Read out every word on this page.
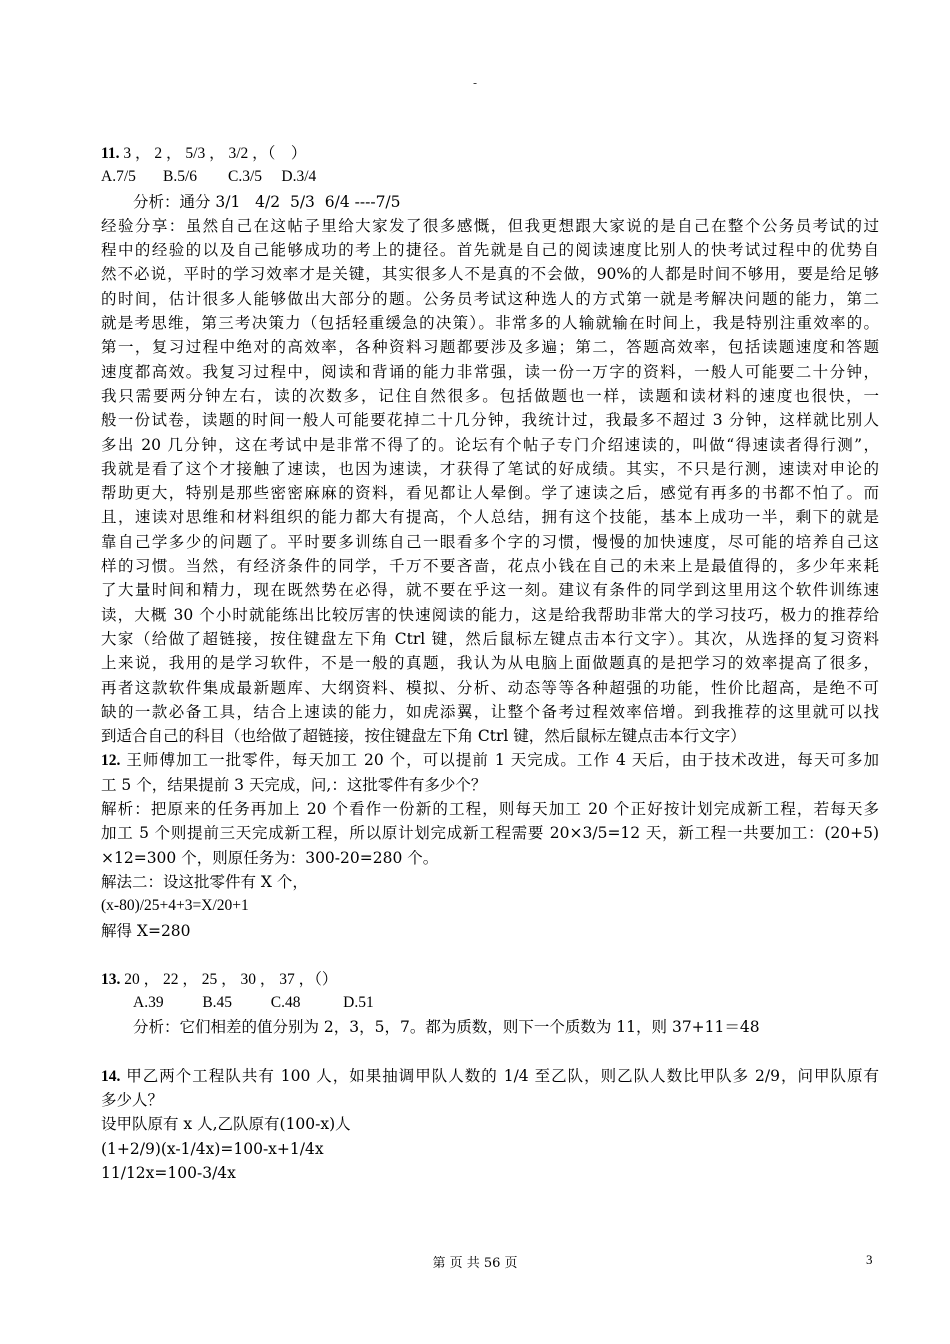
-
11. 3 ， 2 ， 5/3 ， 3/2 ，（    ）
A.7/5       B.5/6        C.3/5     D.3/4
分析：通分 3/1   4/2  5/3  6/4 ----7/5
经验分享：虽然自己在这帖子里给大家发了很多感慨，但我更想跟大家说的是自己在整个公务员考试的过
程中的经验的以及自己能够成功的考上的捷径。首先就是自己的阅读速度比别人的快考试过程中的优势自
然不必说，平时的学习效率才是关键，其实很多人不是真的不会做，90%的人都是时间不够用，要是给足够
的时间，估计很多人能够做出大部分的题。公务员考试这种选人的方式第一就是考解决问题的能力，第二
就是考思维，第三考决策力（包括轻重缓急的决策）。非常多的人输就输在时间上，我是特别注重效率的。
第一，复习过程中绝对的高效率，各种资料习题都要涉及多遍；第二，答题高效率，包括读题速度和答题
速度都高效。我复习过程中，阅读和背诵的能力非常强，读一份一万字的资料，一般人可能要二十分钟，
我只需要两分钟左右，读的次数多，记住自然很多。包括做题也一样，读题和读材料的速度也很快，一
般一份试卷，读题的时间一般人可能要花掉二十几分钟，我统计过，我最多不超过 3 分钟，这样就比别人
多出 20 几分钟，这在考试中是非常不得了的。论坛有个帖子专门介绍速读的，叫做“得速读者得行测”，
我就是看了这个才接触了速读，也因为速读，才获得了笔试的好成绩。其实，不只是行测，速读对申论的
帮助更大，特别是那些密密麻麻的资料，看见都让人晕倒。学了速读之后，感觉有再多的书都不怕了。而
且，速读对思维和材料组织的能力都大有提高，个人总结，拥有这个技能，基本上成功一半，剩下的就是
靠自己学多少的问题了。平时要多训练自己一眼看多个字的习惯，慢慢的加快速度，尽可能的培养自己这
样的习惯。当然，有经济条件的同学，千万不要吝啬，花点小钱在自己的未来上是最值得的，多少年来耗
了大量时间和精力，现在既然势在必得，就不要在乎这一刻。建议有条件的同学到这里用这个软件训练速
读，大概 30 个小时就能练出比较厉害的快速阅读的能力，这是给我帮助非常大的学习技巧，极力的推荐给
大家（给做了超链接，按住键盘左下角 Ctrl 键，然后鼠标左键点击本行文字）。其次，从选择的复习资料
上来说，我用的是学习软件，不是一般的真题，我认为从电脑上面做题真的是把学习的效率提高了很多，
再者这款软件集成最新题库、大纲资料、模拟、分析、动态等等各种超强的功能，性价比超高，是绝不可
缺的一款必备工具，结合上速读的能力，如虎添翼，让整个备考过程效率倍增。到我推荐的这里就可以找
到适合自己的科目（也给做了超链接，按住键盘左下角 Ctrl 键，然后鼠标左键点击本行文字）
12. 王师傅加工一批零件，每天加工 20 个，可以提前 1 天完成。工作 4 天后，由于技术改进，每天可多加
工 5 个，结果提前 3 天完成，问,：这批零件有多少个？
解析：把原来的任务再加上 20 个看作一份新的工程，则每天加工 20 个正好按计划完成新工程，若每天多
加工 5 个则提前三天完成新工程，所以原计划完成新工程需要 20×3/5=12 天，新工程一共要加工：(20+5)
×12=300 个，则原任务为：300-20=280 个。
解法二：设这批零件有 X 个，
(x-80)/25+4+3=X/20+1
解得 X=280
13. 20 ， 22 ， 25 ， 30 ， 37 ，（）
A.39          B.45          C.48           D.51
分析：它们相差的值分别为 2，3，5，7。都为质数，则下一个质数为 11，则 37+11＝48
14. 甲乙两个工程队共有 100 人，如果抽调甲队人数的 1/4 至乙队，则乙队人数比甲队多 2/9，问甲队原有
多少人？
设甲队原有 x 人,乙队原有(100-x)人
(1+2/9)(x-1/4x)=100-x+1/4x
11/12x=100-3/4x
第 页 共 56 页	3
